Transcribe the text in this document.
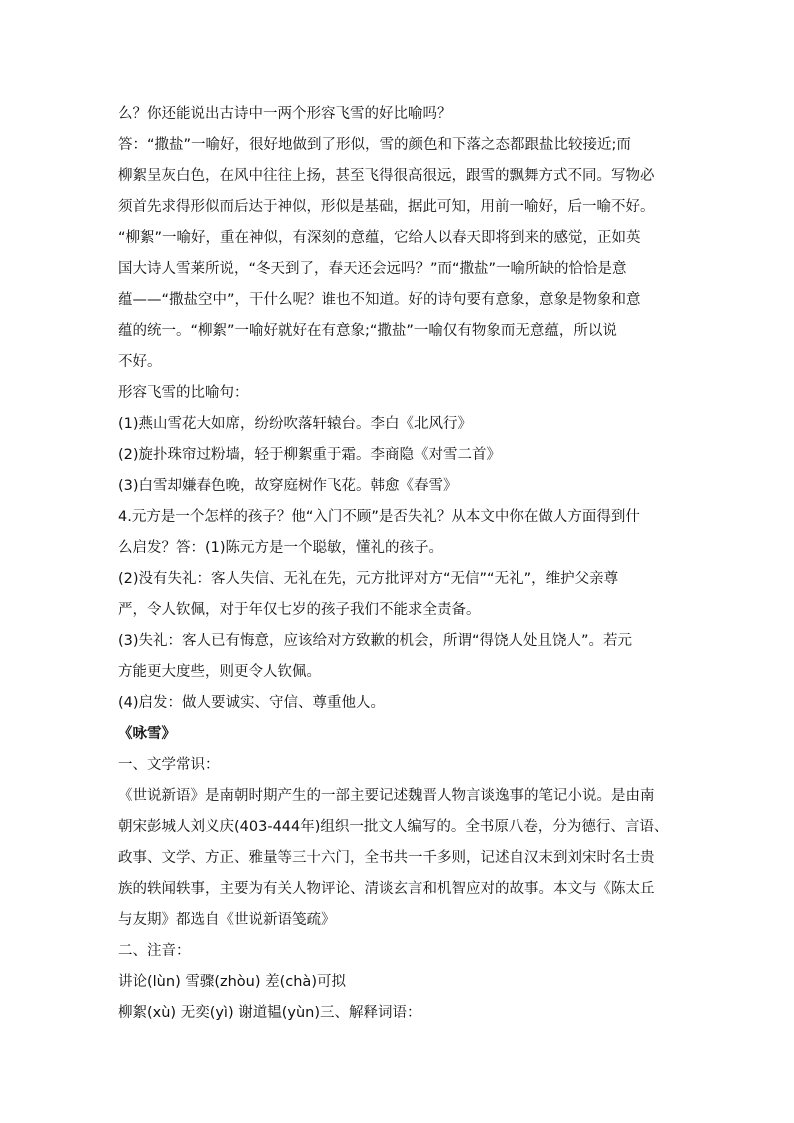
么？你还能说出古诗中一两个形容飞雪的好比喻吗？
答：“撒盐”一喻好，很好地做到了形似，雪的颜色和下落之态都跟盐比较接近;而
柳絮呈灰白色，在风中往往上扬，甚至飞得很高很远，跟雪的飘舞方式不同。写物必
须首先求得形似而后达于神似，形似是基础，据此可知，用前一喻好，后一喻不好。
“柳絮”一喻好，重在神似，有深刻的意蕴，它给人以春天即将到来的感觉，正如英
国大诗人雪莱所说，“冬天到了，春天还会远吗？”而“撒盐”一喻所缺的恰恰是意
蕴——“撒盐空中”，干什么呢？谁也不知道。好的诗句要有意象，意象是物象和意
蕴的统一。“柳絮”一喻好就好在有意象;“撒盐”一喻仅有物象而无意蕴，所以说
不好。
形容飞雪的比喻句：
(1)燕山雪花大如席，纷纷吹落轩辕台。李白《北风行》
(2)旋扑珠帘过粉墙，轻于柳絮重于霜。李商隐《对雪二首》
(3)白雪却嫌春色晚，故穿庭树作飞花。韩愈《春雪》
4.元方是一个怎样的孩子？他“入门不顾”是否失礼？从本文中你在做人方面得到什
么启发？答：(1)陈元方是一个聪敏，懂礼的孩子。
(2)没有失礼：客人失信、无礼在先，元方批评对方“无信”“无礼”，维护父亲尊
严，令人钦佩，对于年仅七岁的孩子我们不能求全责备。
(3)失礼：客人已有悔意，应该给对方致歉的机会，所谓“得饶人处且饶人”。若元
方能更大度些，则更令人钦佩。
(4)启发：做人要诚实、守信、尊重他人。
《咏雪》
一、文学常识：
《世说新语》是南朝时期产生的一部主要记述魏晋人物言谈逸事的笔记小说。是由南
朝宋彭城人刘义庆(403-444年)组织一批文人编写的。全书原八卷，分为德行、言语、
政事、文学、方正、雅量等三十六门，全书共一千多则，记述自汉末到刘宋时名士贵
族的轶闻轶事，主要为有关人物评论、清谈玄言和机智应对的故事。本文与《陈太丘
与友期》都选自《世说新语笺疏》
二、注音：
讲论(lùn) 雪骤(zhòu) 差(chà)可拟
柳絮(xù) 无奕(yì) 谢道韫(yùn)三、解释词语：
